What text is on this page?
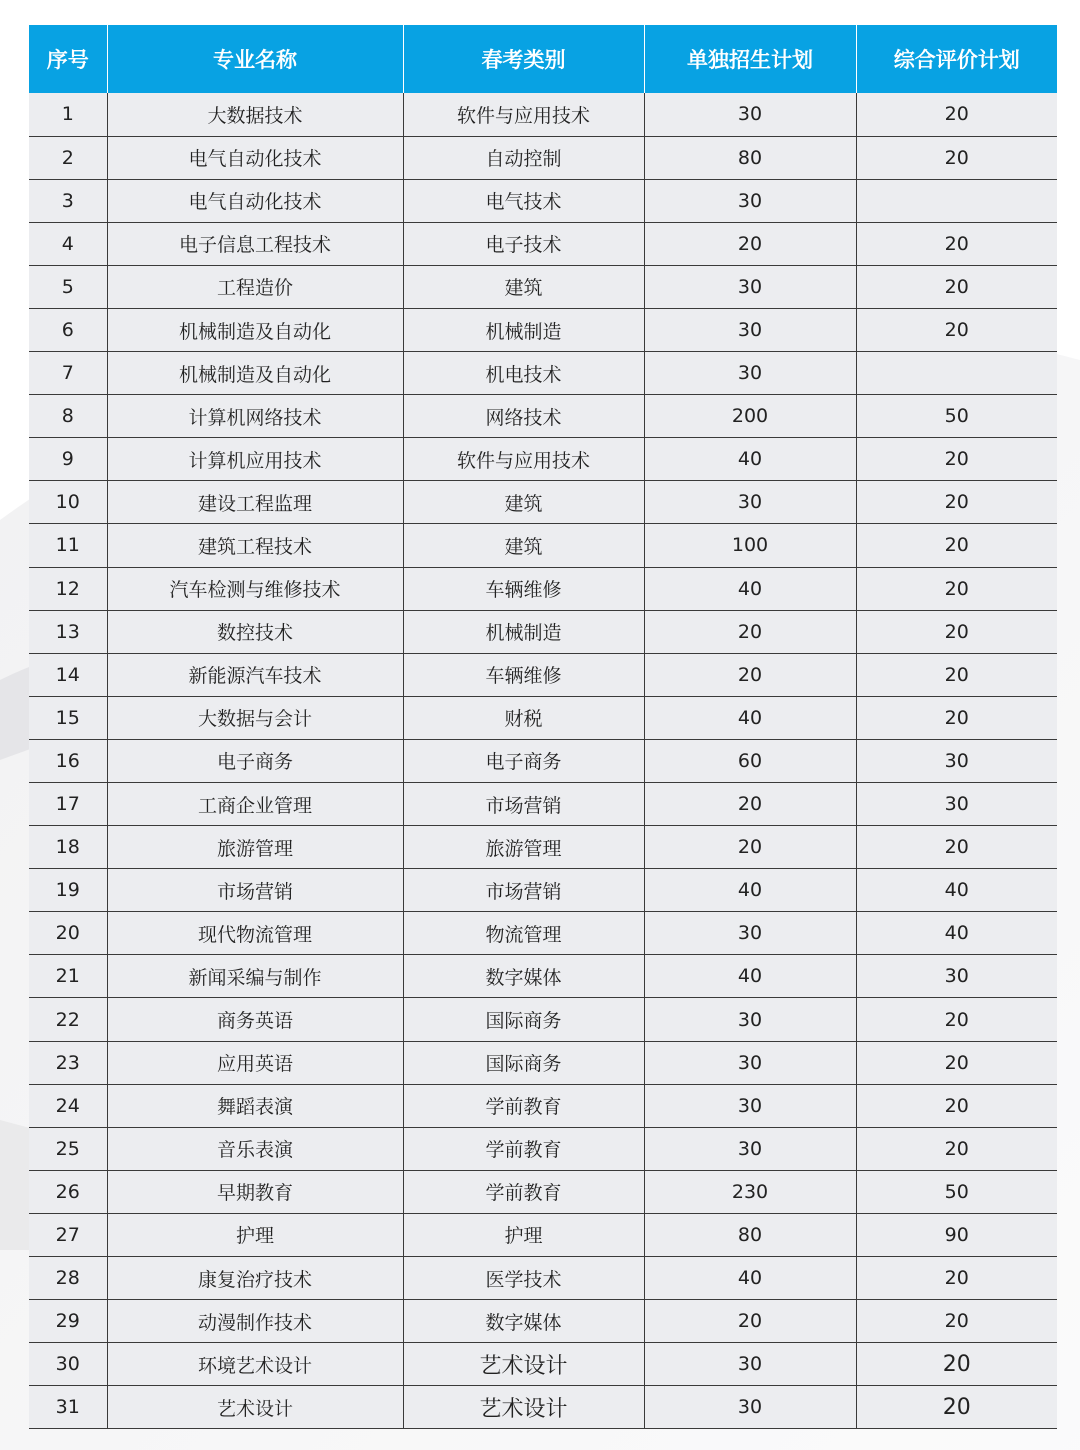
序号	专业名称	春考类别	单独招生计划	综合评价计划
1	大数据技术	软件与应用技术	30	20
2	电气自动化技术	自动控制	80	20
3	电气自动化技术	电气技术	30	
4	电子信息工程技术	电子技术	20	20
5	工程造价	建筑	30	20
6	机械制造及自动化	机械制造	30	20
7	机械制造及自动化	机电技术	30	
8	计算机网络技术	网络技术	200	50
9	计算机应用技术	软件与应用技术	40	20
10	建设工程监理	建筑	30	20
11	建筑工程技术	建筑	100	20
12	汽车检测与维修技术	车辆维修	40	20
13	数控技术	机械制造	20	20
14	新能源汽车技术	车辆维修	20	20
15	大数据与会计	财税	40	20
16	电子商务	电子商务	60	30
17	工商企业管理	市场营销	20	30
18	旅游管理	旅游管理	20	20
19	市场营销	市场营销	40	40
20	现代物流管理	物流管理	30	40
21	新闻采编与制作	数字媒体	40	30
22	商务英语	国际商务	30	20
23	应用英语	国际商务	30	20
24	舞蹈表演	学前教育	30	20
25	音乐表演	学前教育	30	20
26	早期教育	学前教育	230	50
27	护理	护理	80	90
28	康复治疗技术	医学技术	40	20
29	动漫制作技术	数字媒体	20	20
30	环境艺术设计	艺术设计	30	20
31	艺术设计	艺术设计	30	20
